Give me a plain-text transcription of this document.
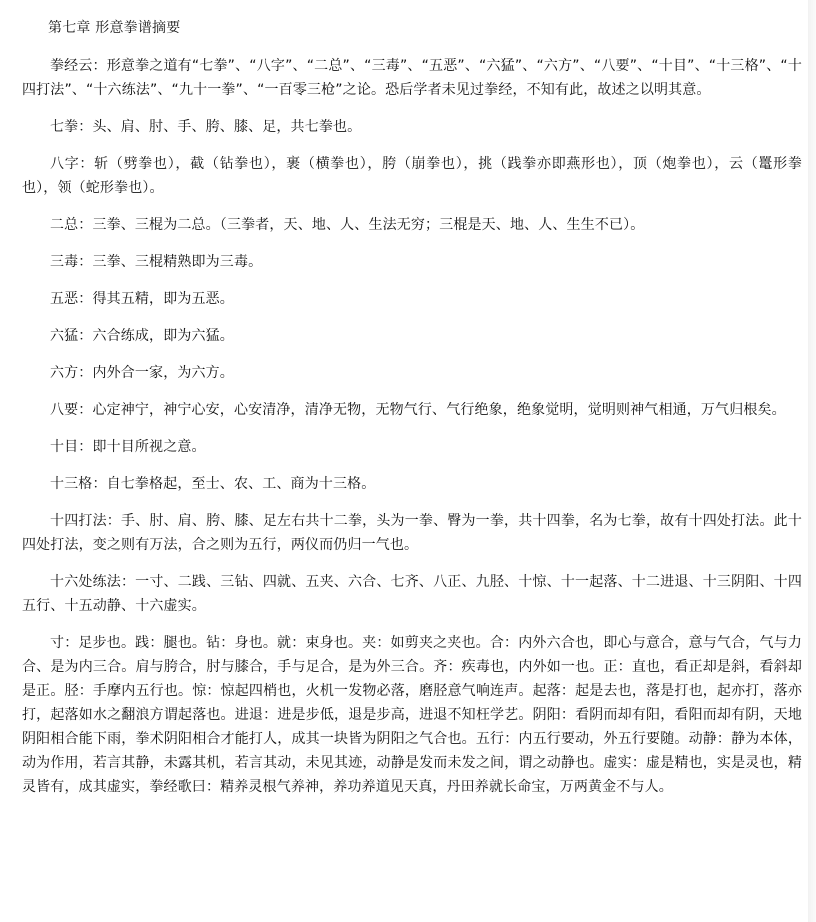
第七章 形意拳谱摘要

拳经云：形意拳之道有“七拳”、“八字”、“二总”、“三毒”、“五恶”、“六猛”、“六方”、“八要”、“十目”、“十三格”、“十四打法”、“十六练法”、“九十一拳”、“一百零三枪”之论。恐后学者未见过拳经，不知有此，故述之以明其意。

七拳：头、肩、肘、手、胯、膝、足，共七拳也。

八字：斩（劈拳也），截（钻拳也），裹（横拳也），胯（崩拳也），挑（践拳亦即燕形也），顶（炮拳也），云（鼍形拳也），领（蛇形拳也）。

二总：三拳、三棍为二总。（三拳者，天、地、人、生法无穷；三棍是天、地、人、生生不已）。

三毒：三拳、三棍精熟即为三毒。

五恶：得其五精，即为五恶。

六猛：六合练成，即为六猛。

六方：内外合一家，为六方。

八要：心定神宁，神宁心安，心安清净，清净无物，无物气行、气行绝象，绝象觉明，觉明则神气相通，万气归根矣。

十目：即十目所视之意。

十三格：自七拳格起，至士、农、工、商为十三格。

十四打法：手、肘、肩、胯、膝、足左右共十二拳，头为一拳、臀为一拳，共十四拳，名为七拳，故有十四处打法。此十四处打法，变之则有万法，合之则为五行，两仪而仍归一气也。

十六处练法：一寸、二践、三钻、四就、五夹、六合、七齐、八正、九胫、十惊、十一起落、十二进退、十三阴阳、十四五行、十五动静、十六虚实。

寸：足步也。践：腿也。钻：身也。就：束身也。夹：如剪夹之夹也。合：内外六合也，即心与意合，意与气合，气与力合、是为内三合。肩与胯合，肘与膝合，手与足合，是为外三合。齐：疾毒也，内外如一也。正：直也，看正却是斜，看斜却是正。胫：手摩内五行也。惊：惊起四梢也，火机一发物必落，磨胫意气响连声。起落：起是去也，落是打也，起亦打，落亦打，起落如水之翻浪方谓起落也。进退：进是步低，退是步高，进退不知枉学艺。阴阳：看阴而却有阳，看阳而却有阴，天地阴阳相合能下雨，拳术阴阳相合才能打人，成其一块皆为阴阳之气合也。五行：内五行要动，外五行要随。动静：静为本体，动为作用，若言其静，未露其机，若言其动，未见其迹，动静是发而未发之间，谓之动静也。虚实：虚是精也，实是灵也，精灵皆有，成其虚实，拳经歌曰：精养灵根气养神，养功养道见天真，丹田养就长命宝，万两黄金不与人。
